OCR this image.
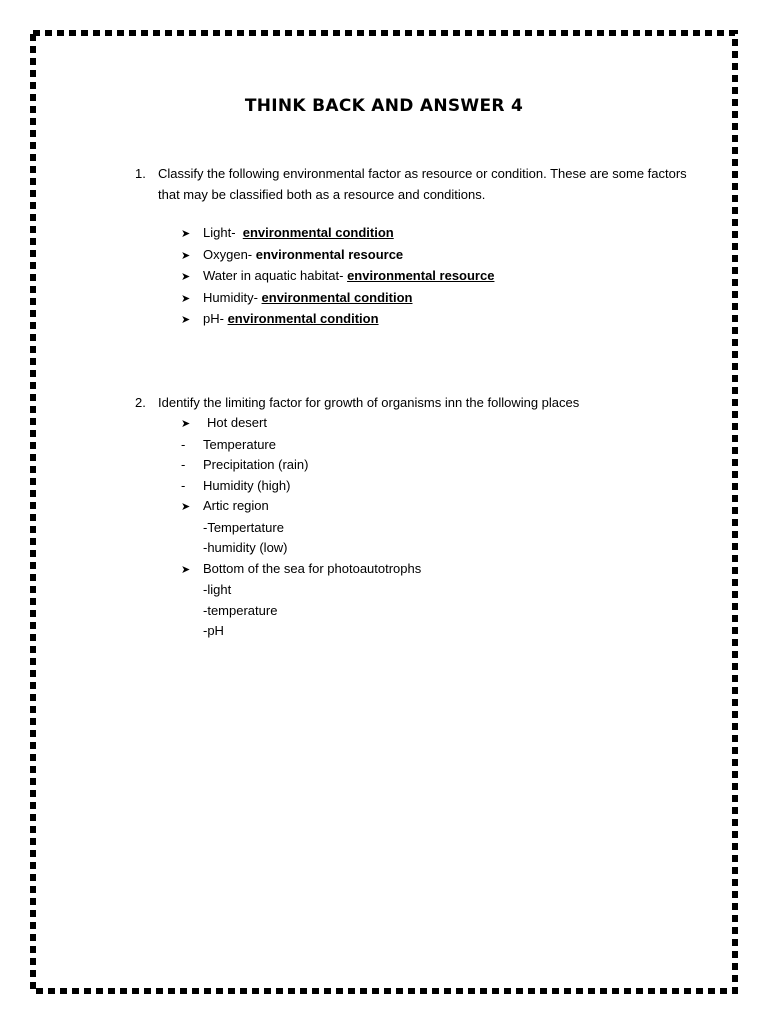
THINK BACK AND ANSWER 4
1. Classify the following environmental factor as resource or condition. These are some factors that may be classified both as a resource and conditions.
➤ Light-
environmental condition
➤ Oxygen-
environmental resource
➤ Water in aquatic habitat-
environmental resource
➤ Humidity-
environmental condition
➤ pH-
environmental condition
2. Identify the limiting factor for growth of organisms inn the following places
➤	Hot desert
-	Temperature
-	Precipitation (rain)
-	Humidity (high)
➤ Artic region
-Tempertature
-humidity (low)
➤ Bottom of the sea for photoautotrophs
-light
-temperature
-pH
